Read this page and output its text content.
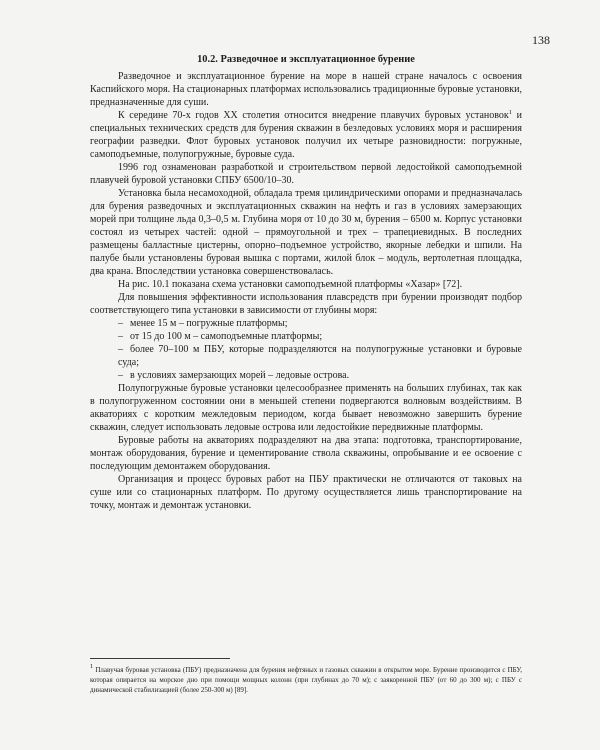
138
10.2. Разведочное и эксплуатационное бурение

Разведочное и эксплуатационное бурение на море в нашей стране началось с освоения Каспийского моря. На стационарных платформах использовались традиционные буровые установки, предназначенные для суши.

К середине 70-х годов XX столетия относится внедрение плавучих буровых установок$^1$ и специальных технических средств для бурения скважин в безледовых условиях моря и расширения географии разведки. Флот буровых установок получил их четыре разновидности: погружные, самоподъемные, полупогружные, буровые суда.

1996 год ознаменован разработкой и строительством первой ледостойкой самоподъемной плавучей буровой установки СПБУ 6500/10–30.

Установка была несамоходной, обладала тремя цилиндрическими опорами и предназначалась для бурения разведочных и эксплуатационных скважин на нефть и газ в условиях замерзающих морей при толщине льда 0,3–0,5 м. Глубина моря от 10 до 30 м, бурения – 6500 м. Корпус установки состоял из четырех частей: одной – прямоугольной и трех – трапециевидных. В последних размещены балластные цистерны, опорно–подъемное устройство, якорные лебедки и шпили. На палубе были установлены буровая вышка с портами, жилой блок – модуль, вертолетная площадка, два крана. Впоследствии установка совершенствовалась.

На рис. 10.1 показана схема установки самоподъемной платформы «Хазар» [72].

Для повышения эффективности использования плавсредств при бурении производят подбор соответствующего типа установки в зависимости от глубины моря:

– менее 15 м – погружные платформы;
– от 15 до 100 м – самоподъемные платформы;
– более 70–100 м ПБУ, которые подразделяются на полупогружные установки и буровые суда;
– в условиях замерзающих морей – ледовые острова.

Полупогружные буровые установки целесообразнее применять на больших глубинах, так как в полупогруженном состоянии они в меньшей степени подвергаются волновым воздействиям. В акваториях с коротким межледовым периодом, когда бывает невозможно завершить бурение скважин, следует использовать ледовые острова или ледостойкие передвижные платформы.

Буровые работы на акваториях подразделяют на два этапа: подготовка, транспортирование, монтаж оборудования, бурение и цементирование ствола скважины, опробывание и ее освоение с последующим демонтажем оборудования.

Организация и процесс буровых работ на ПБУ практически не отличаются от таковых на суше или со стационарных платформ. По другому осуществляется лишь транспортирование на точку, монтаж и демонтаж установки.

$^1$ Плавучая буровая установка (ПБУ) предназначена для бурения нефтяных и газовых скважин в открытом море. Бурение производится с ПБУ, которая опирается на морское дно при помощи мощных колонн (при глубинах до 70 м); с заякоренной ПБУ (от 60 до 300 м); с ПБУ с динамической стабилизацией (более 250-300 м) [89].
